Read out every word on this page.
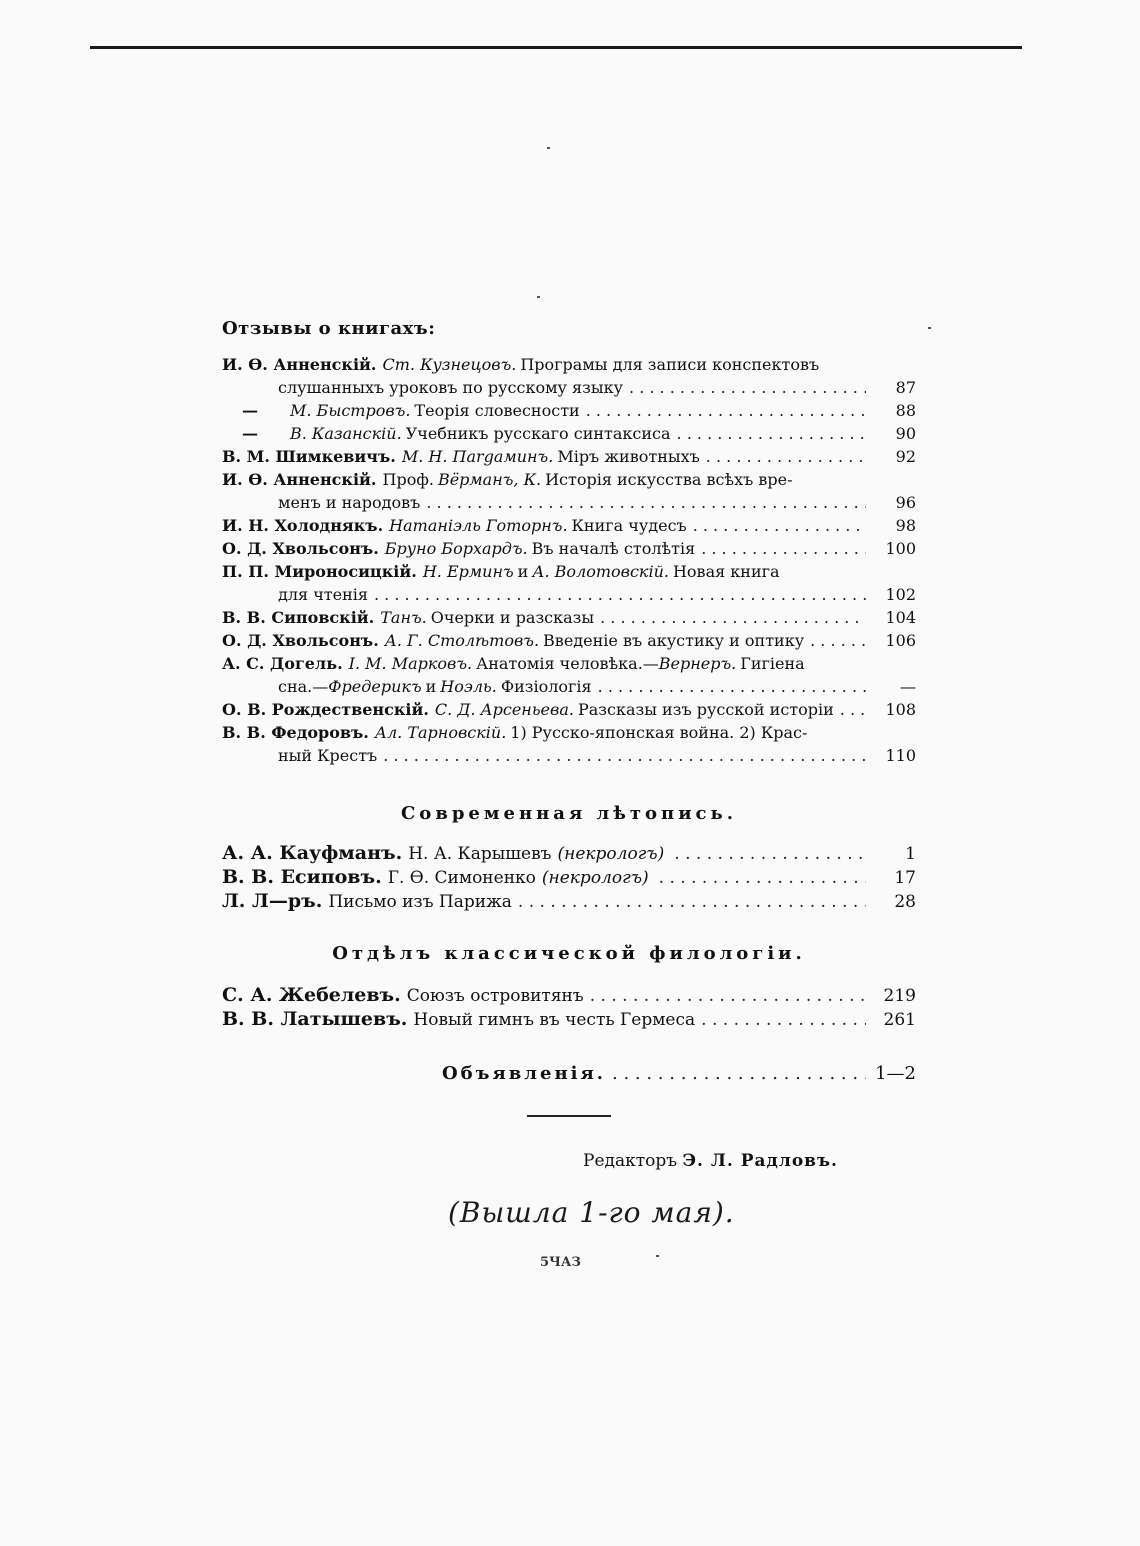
Отзывы о книгахъ:
И. Ѳ. Анненскій. Ст. Кузнецовъ. Програмы для записи конспектовъ
слушанныхъ уроковъ по русскому языку . . .	87
—	М. Быстровъ. Теорія словесности . . .	88
—	В. Казанскій. Учебникъ русскаго синтаксиса . . .	90
В. М. Шимкевичъ. М. Н. Пargаминъ. Міръ животныхъ . . .	92
И. Ѳ. Анненскій. Проф. Вёрманъ, К. Исторія искусства всѣхъ вре-
менъ и народовъ . . .	96
И. Н. Холоднякъ. Натаніэль Готорнъ. Книга чудесъ . . .	98
О. Д. Хвольсонъ. Бруно Борхардъ. Въ началѣ столѣтія . . .	100
П. П. Мироносицкій. Н. Ерминъ и А. Волотовскій. Новая книга
для чтенія . . .	102
В. В. Сиповскій. Танъ. Очерки и разсказы . . .	104
О. Д. Хвольсонъ. А. Г. Столѣтовъ. Введеніе въ акустику и оптику . . .	106
А. С. Догель. І. М. Марковъ. Анатомія человѣка.— Вернеръ. Гигіена
сна.— Фредерикъ и Ноэль. Физіологія . . .	—
О. В. Рождественскій. С. Д. Арсеньева. Разсказы изъ русской исторіи . . .	108
В. В. Федоровъ. Ал. Тарновскій. 1) Русско-японская война. 2) Крас-
ный Крестъ . . .	110
Современная лѣтопись.
А. А. Кауфманъ. Н. А. Карышевъ (некрологъ) . . .	1
В. В. Есиповъ. Г. Ѳ. Симоненко (некрологъ) . . .	17
Л. Л—ръ. Письмо изъ Парижа . . .	28
Отдѣлъ классической филологіи.
С. А. Жебелевъ. Союзъ островитянъ . . .	219
В. В. Латышевъ. Новый гимнъ въ честь Гермеса . . .	261
Объявленія. . . .	1—2
Редакторъ Э. Л. Радловъ.
(Вышла 1-го мая).
5ЧАЗ
